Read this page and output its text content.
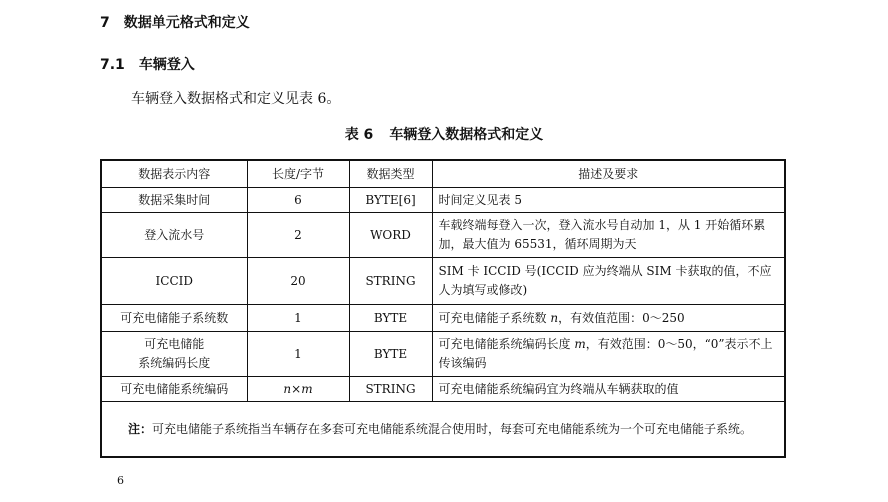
7 数据单元格式和定义
7.1 车辆登入
车辆登入数据格式和定义见表 6。
表 6 车辆登入数据格式和定义
数据表示内容	长度/字节	数据类型	描述及要求
数据采集时间	6	BYTE[6]	时间定义见表 5
登入流水号	2	WORD	车载终端每登入一次，登入流水号自动加 1，从 1 开始循环累加，最大值为 65531，循环周期为天
ICCID	20	STRING	SIM 卡 ICCID 号(ICCID 应为终端从 SIM 卡获取的值，不应人为填写或修改)
可充电储能子系统数	1	BYTE	可充电储能子系统数 n，有效值范围：0～250
可充电储能
系统编码长度	1	BYTE	可充电储能系统编码长度 m，有效范围：0～50，“0”表示不上传该编码
可充电储能系统编码	n×m	STRING	可充电储能系统编码宜为终端从车辆获取的值
注：可充电储能子系统指当车辆存在多套可充电储能系统混合使用时，每套可充电储能系统为一个可充电储能子系统。			
6
